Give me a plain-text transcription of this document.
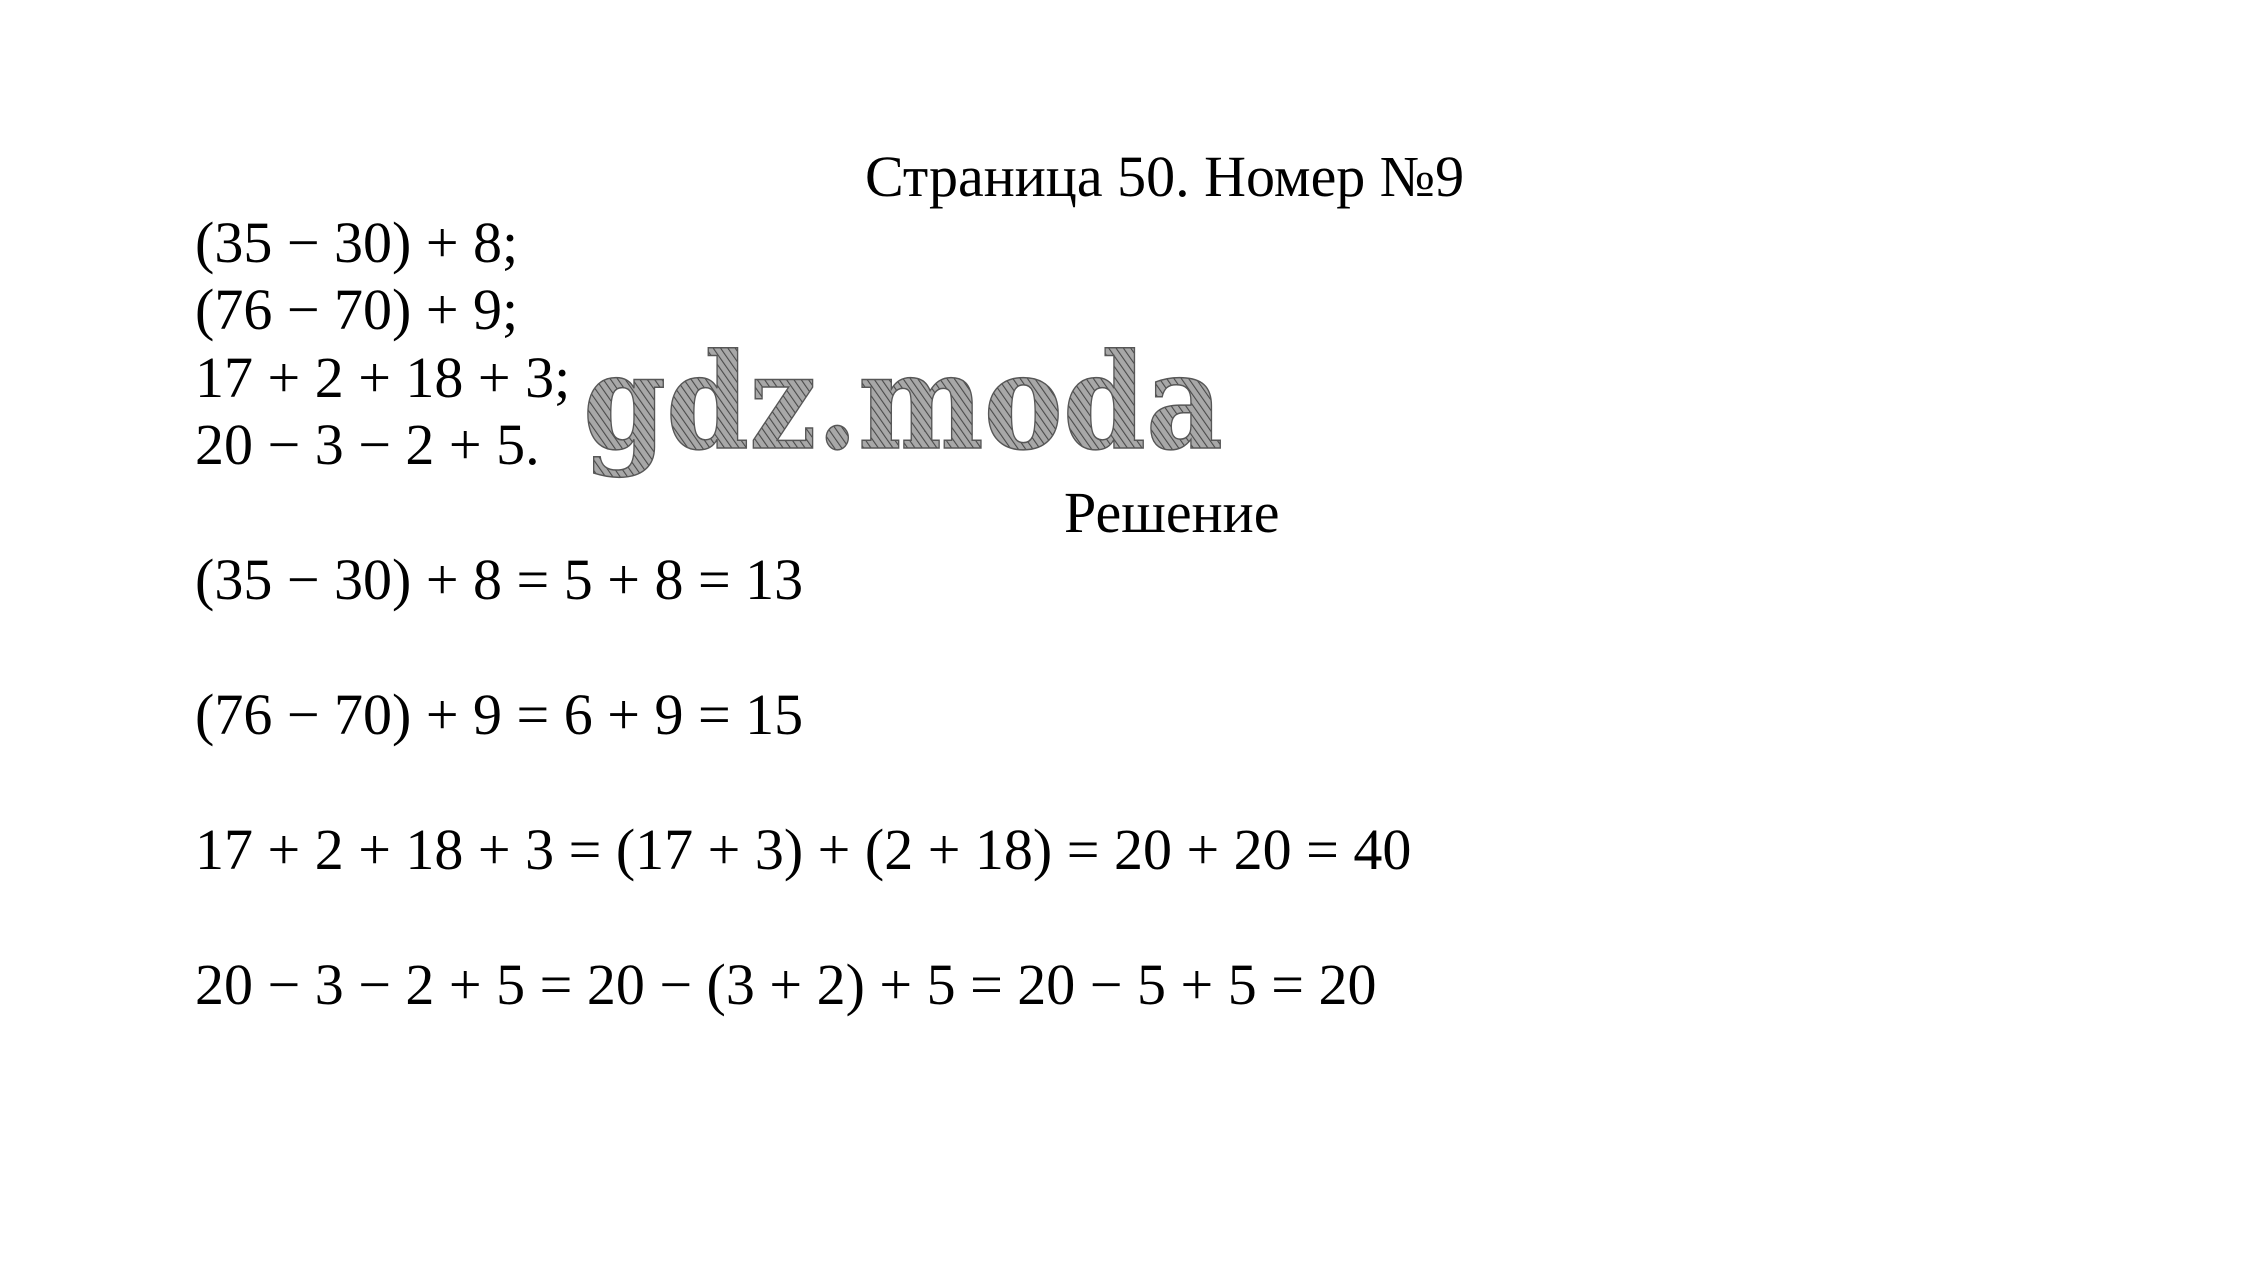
Страница 50. Номер №9
(35 − 30) + 8;
(76 − 70) + 9;
17 + 2 + 18 + 3;
20 − 3 − 2 + 5.
Решение
(35 − 30) + 8 = 5 + 8 = 13
(76 − 70) + 9 = 6 + 9 = 15
17 + 2 + 18 + 3 = (17 + 3) + (2 + 18) = 20 + 20 = 40
20 − 3 − 2 + 5 = 20 − (3 + 2) + 5 = 20 − 5 + 5 = 20
gdz.moda
